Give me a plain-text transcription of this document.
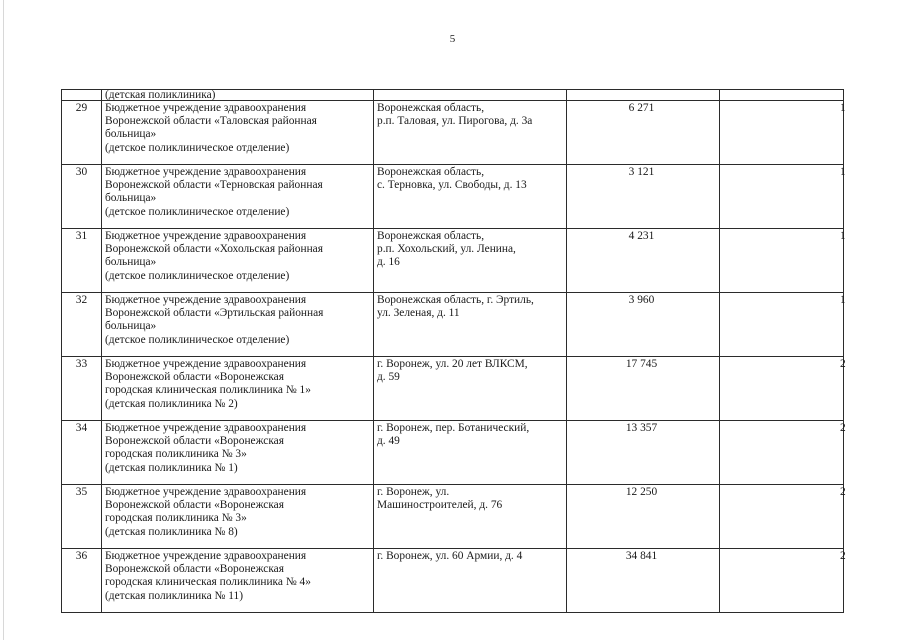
5
	(детская поликлиника)			
29	Бюджетное учреждение здравоохранения
Воронежской области «Таловская районная
больница»
(детское поликлиническое отделение)	Воронежская область,
р.п. Таловая, ул. Пирогова, д. 3а	6 271	1
30	Бюджетное учреждение здравоохранения
Воронежской области «Терновская районная
больница»
(детское поликлиническое отделение)	Воронежская область,
с. Терновка, ул. Свободы, д. 13	3 121	1
31	Бюджетное учреждение здравоохранения
Воронежской области «Хохольская районная
больница»
(детское поликлиническое отделение)	Воронежская область,
р.п. Хохольский, ул. Ленина,
д. 16	4 231	1
32	Бюджетное учреждение здравоохранения
Воронежской области «Эртильская районная
больница»
(детское поликлиническое отделение)	Воронежская область, г. Эртиль,
ул. Зеленая, д. 11	3 960	1
33	Бюджетное учреждение здравоохранения
Воронежской области «Воронежская
городская клиническая поликлиника № 1»
(детская поликлиника № 2)	г. Воронеж, ул. 20 лет ВЛКСМ,
д. 59	17 745	2
34	Бюджетное учреждение здравоохранения
Воронежской области «Воронежская
городская поликлиника № 3»
(детская поликлиника № 1)	г. Воронеж, пер. Ботанический,
д. 49	13 357	2
35	Бюджетное учреждение здравоохранения
Воронежской области «Воронежская
городская поликлиника № 3»
(детская поликлиника № 8)	г. Воронеж, ул.
Машиностроителей, д. 76	12 250	2
36	Бюджетное учреждение здравоохранения
Воронежской области «Воронежская
городская клиническая поликлиника № 4»
(детская поликлиника № 11)	г. Воронеж, ул. 60 Армии, д. 4	34 841	2
